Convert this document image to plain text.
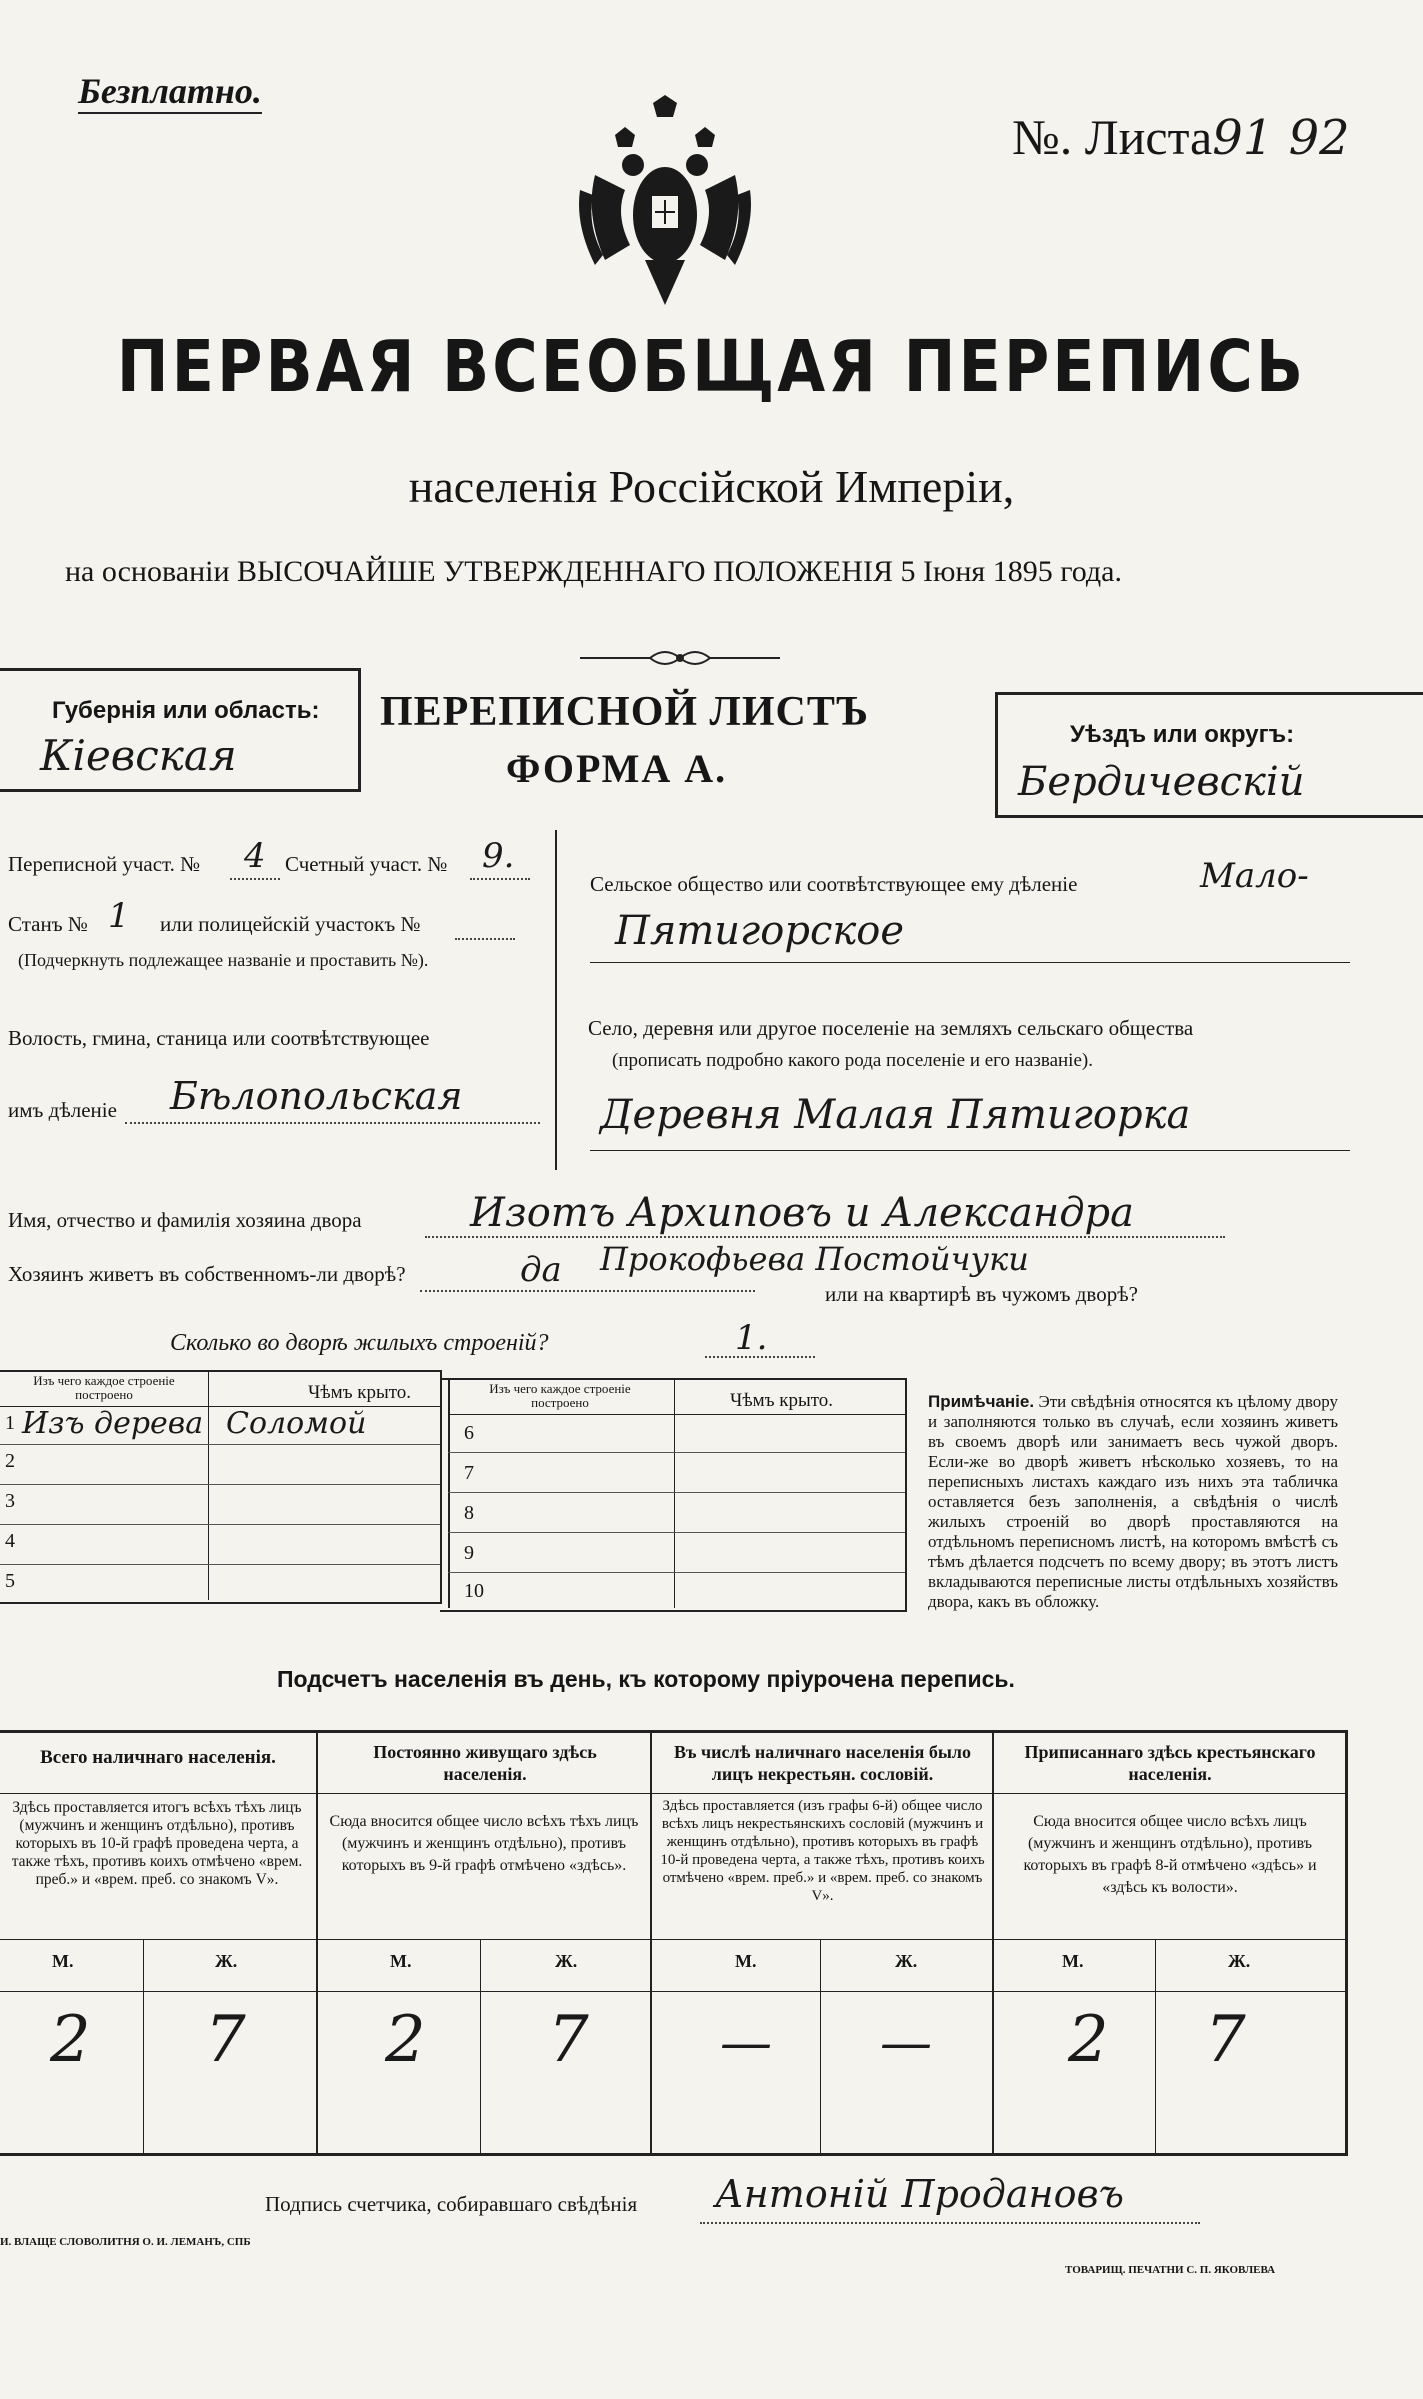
Безплатно.
№. Листа91 92
ПЕРВАЯ ВСЕОБЩАЯ ПЕРЕПИСЬ
населенія Россійской Имперіи,
на основаніи ВЫСОЧАЙШЕ УТВЕРЖДЕННАГО ПОЛОЖЕНІЯ 5 Іюня 1895 года.
Губернія или область:
Кіевская
ПЕРЕПИСНОЙ ЛИСТЪ
ФОРМА А.
Уѣздъ или округъ:
Бердичевскій
Переписной участ. № 4 Счетный участ. № 9.
Станъ № 1 или полицейскій участокъ №
(Подчеркнуть подлежащее названіе и проставить №).
Волость, гмина, станица или соотвѣтствующее
имъ дѣленіе Бѣлопольская
Сельское общество или соотвѣтствующее ему дѣленіе	Мало-
Пятигорское
Село, деревня или другое поселеніе на земляхъ сельскаго общества
(прописать подробно какого рода поселеніе и его названіе).
Деревня Малая Пятигорка
Имя, отчество и фамилія хозяина двора	Изотъ Архиповъ и Александра
Прокофьева Постойчуки
Хозяинъ живетъ въ собственномъ-ли дворѣ?	да
или на квартирѣ въ чужомъ дворѣ?
Сколько во дворѣ жилыхъ строеній?	1.
Изъ чего каждое строеніе построено	Чѣмъ крыто.
1 Изъ дерева Соломой
2
3
4
5
Изъ чего каждое строеніе построено	Чѣмъ крыто.
6
7
8
9
10
Примѣчаніе. Эти свѣдѣнія относятся къ цѣлому двору и заполняются только въ случаѣ, если хозяинъ живетъ въ своемъ дворѣ или занимаетъ весь чужой дворъ. Если-же во дворѣ живетъ нѣсколько хозяевъ, то на переписныхъ листахъ каждаго изъ нихъ эта табличка оставляется безъ заполненія, а свѣдѣнія о числѣ жилыхъ строеній во дворѣ проставляются на отдѣльномъ переписномъ листѣ, на которомъ вмѣстѣ съ тѣмъ дѣлается подсчетъ по всему двору; въ этотъ листъ вкладываются переписные листы отдѣльныхъ хозяйствъ двора, какъ въ обложку.
Подсчетъ населенія въ день, къ которому пріурочена перепись.
Всего наличнаго населенія.
Здѣсь проставляется итогъ всѣхъ тѣхъ лицъ (мужчинъ и женщинъ отдѣльно), противъ которыхъ въ 10-й графѣ проведена черта, а также тѣхъ, противъ коихъ отмѣчено «врем. преб.» и «врем. преб. со знакомъ V».
М.	Ж.
2 7
Постоянно живущаго здѣсь населенія.
Сюда вносится общее число всѣхъ тѣхъ лицъ (мужчинъ и женщинъ отдѣльно), противъ которыхъ въ 9-й графѣ отмѣчено «здѣсь».
М.	Ж.
2 7
Въ числѣ наличнаго населенія было лицъ некрестьян. сословій.
Здѣсь проставляется (изъ графы 6-й) общее число всѣхъ лицъ некрестьянскихъ сословій (мужчинъ и женщинъ отдѣльно), противъ которыхъ въ графѣ 10-й проведена черта, а также тѣхъ, противъ коихъ отмѣчено «врем. преб.» и «врем. преб. со знакомъ V».
М.	Ж.
— —
Приписаннаго здѣсь крестьянскаго населенія.
Сюда вносится общее число всѣхъ лицъ (мужчинъ и женщинъ отдѣльно), противъ которыхъ въ графѣ 8-й отмѣчено «здѣсь» и «здѣсь къ волости».
М.	Ж.
2 7
Подпись счетчика, собиравшаго свѣдѣнія Антоній Продановъ
И. ВЛАЩЕ СЛОВОЛИТНЯ О. И. ЛЕМАНЪ, СПБ
ТОВАРИЩ. ПЕЧАТНИ С. П. ЯКОВЛЕВА
